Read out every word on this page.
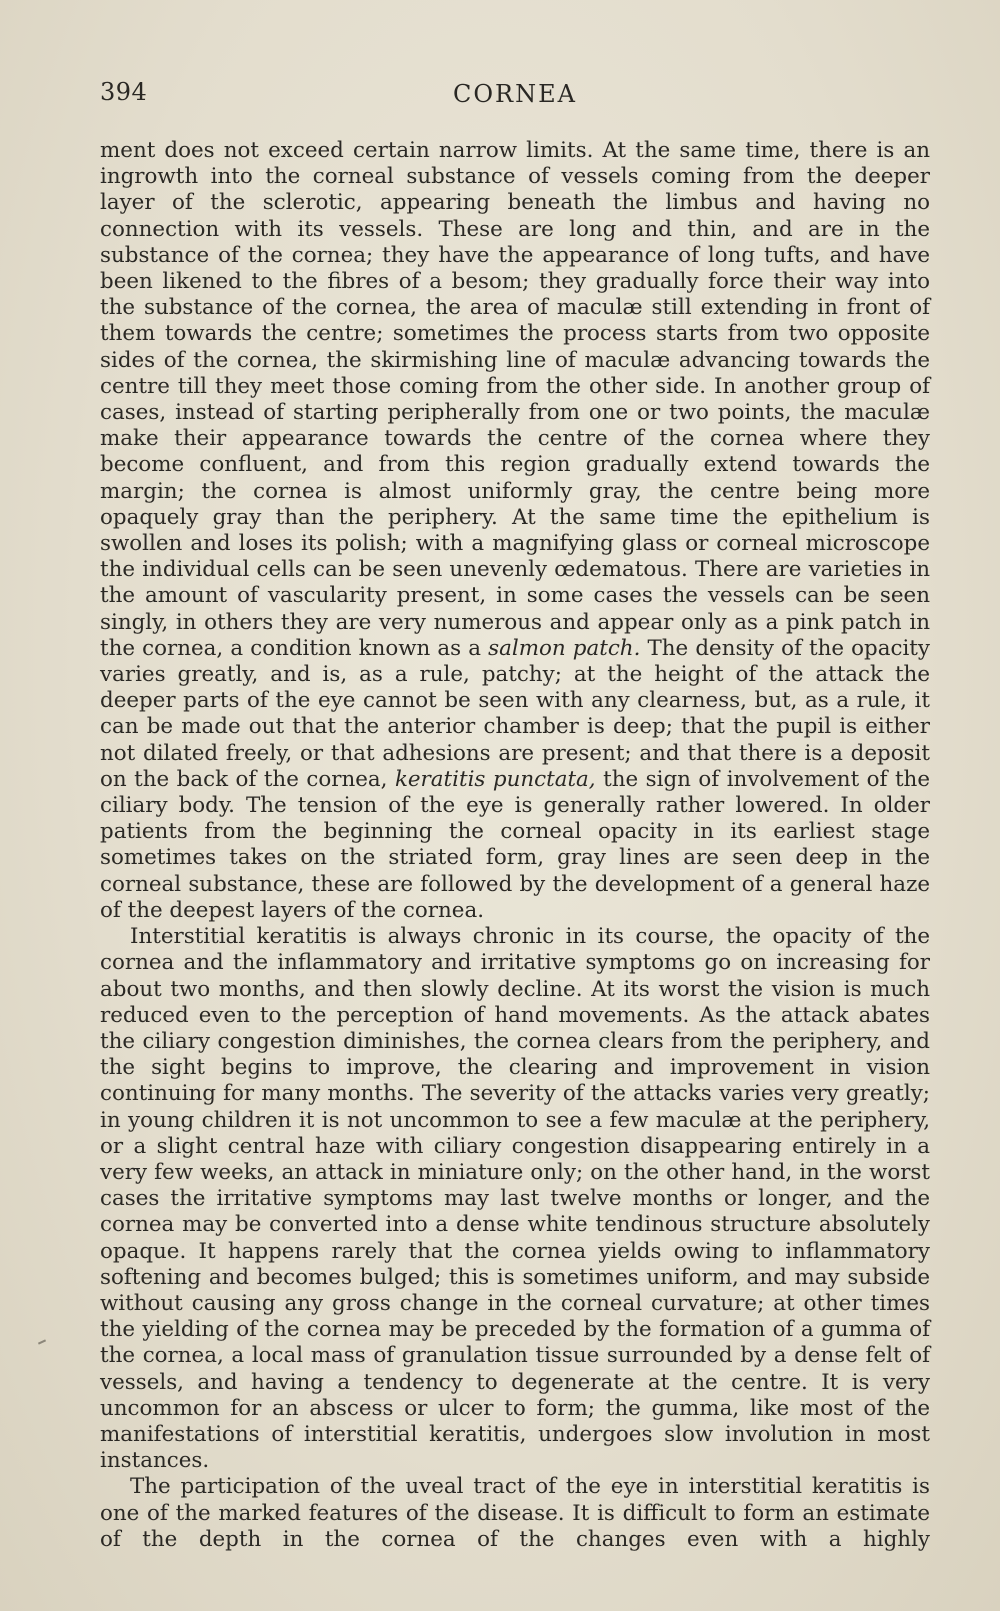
394	CORNEA

ment does not exceed certain narrow limits. At the same time, there is an ingrowth into the corneal substance of vessels coming from the deeper layer of the sclerotic, appearing beneath the limbus and having no connection with its vessels. These are long and thin, and are in the substance of the cornea; they have the appearance of long tufts, and have been likened to the fibres of a besom; they gradually force their way into the substance of the cornea, the area of maculæ still extending in front of them towards the centre; sometimes the process starts from two opposite sides of the cornea, the skirmishing line of maculæ advancing towards the centre till they meet those coming from the other side. In another group of cases, instead of starting peripherally from one or two points, the maculæ make their appearance towards the centre of the cornea where they become confluent, and from this region gradually extend towards the margin; the cornea is almost uniformly gray, the centre being more opaquely gray than the periphery. At the same time the epithelium is swollen and loses its polish; with a magnifying glass or corneal microscope the individual cells can be seen unevenly œdematous. There are varieties in the amount of vascularity present, in some cases the vessels can be seen singly, in others they are very numerous and appear only as a pink patch in the cornea, a condition known as a salmon patch. The density of the opacity varies greatly, and is, as a rule, patchy; at the height of the attack the deeper parts of the eye cannot be seen with any clearness, but, as a rule, it can be made out that the anterior chamber is deep; that the pupil is either not dilated freely, or that adhesions are present; and that there is a deposit on the back of the cornea, keratitis punctata, the sign of involvement of the ciliary body. The tension of the eye is generally rather lowered. In older patients from the beginning the corneal opacity in its earliest stage sometimes takes on the striated form, gray lines are seen deep in the corneal substance, these are followed by the development of a general haze of the deepest layers of the cornea.

Interstitial keratitis is always chronic in its course, the opacity of the cornea and the inflammatory and irritative symptoms go on increasing for about two months, and then slowly decline. At its worst the vision is much reduced even to the perception of hand movements. As the attack abates the ciliary congestion diminishes, the cornea clears from the periphery, and the sight begins to improve, the clearing and improvement in vision continuing for many months. The severity of the attacks varies very greatly; in young children it is not uncommon to see a few maculæ at the periphery, or a slight central haze with ciliary congestion disappearing entirely in a very few weeks, an attack in miniature only; on the other hand, in the worst cases the irritative symptoms may last twelve months or longer, and the cornea may be converted into a dense white tendinous structure absolutely opaque. It happens rarely that the cornea yields owing to inflammatory softening and becomes bulged; this is sometimes uniform, and may subside without causing any gross change in the corneal curvature; at other times the yielding of the cornea may be preceded by the formation of a gumma of the cornea, a local mass of granulation tissue surrounded by a dense felt of vessels, and having a tendency to degenerate at the centre. It is very uncommon for an abscess or ulcer to form; the gumma, like most of the manifestations of interstitial keratitis, undergoes slow involution in most instances.

The participation of the uveal tract of the eye in interstitial keratitis is one of the marked features of the disease. It is difficult to form an estimate of the depth in the cornea of the changes even with a highly
